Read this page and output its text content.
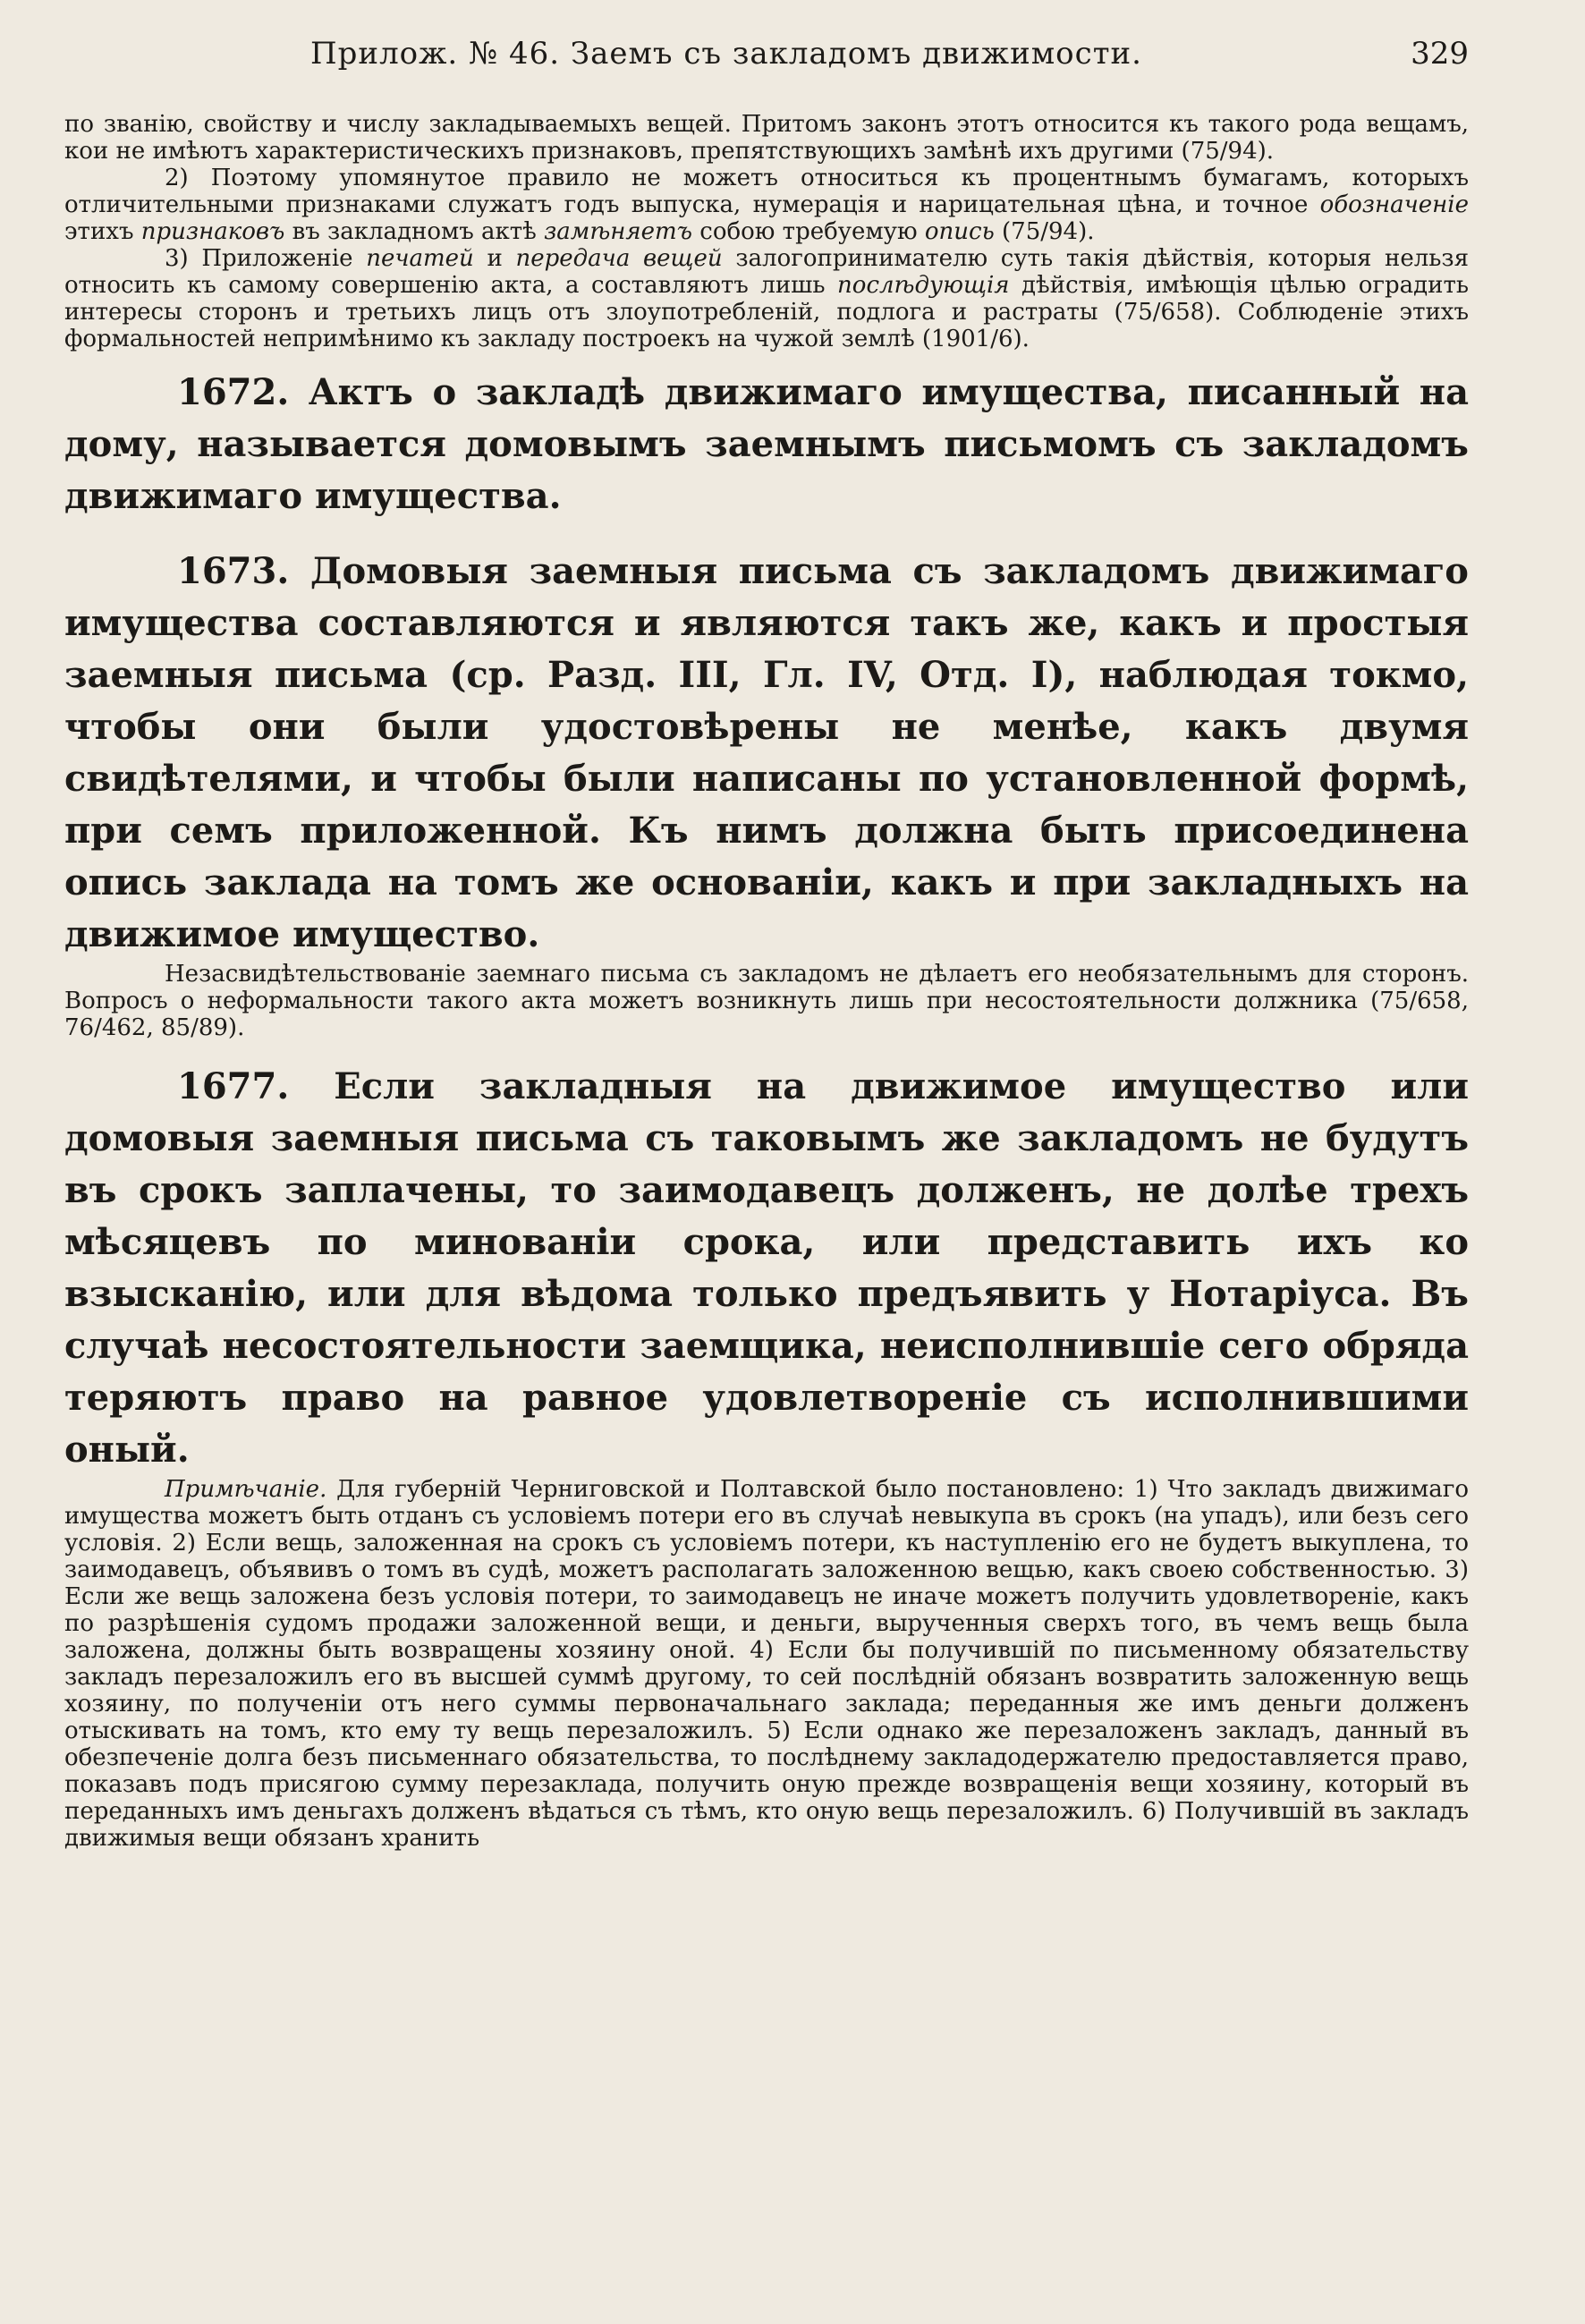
Прилож. № 46. Заемъ съ закладомъ движимости.	329

по званію, свойству и числу закладываемыхъ вещей. Притомъ законъ этотъ относится къ такого рода вещамъ, кои не имѣютъ характеристическихъ признаковъ, препятствующихъ замѣнѣ ихъ другими (75/94).

2) Поэтому упомянутое правило не можетъ относиться къ процентнымъ бумагамъ, которыхъ отличительными признаками служатъ годъ выпуска, нумерація и нарицательная цѣна, и точное обозначеніе этихъ признаковъ въ закладномъ актѣ замѣняетъ собою требуемую опись (75/94).

3) Приложеніе печатей и передача вещей залогопринимателю суть такія дѣйствія, которыя нельзя относить къ самому совершенію акта, а составляютъ лишь послѣдующія дѣйствія, имѣющія цѣлью оградить интересы сторонъ и третьихъ лицъ отъ злоупотребленій, подлога и растраты (75/658). Соблюденіе этихъ формальностей непримѣнимо къ закладу построекъ на чужой землѣ (1901/6).

1672. Актъ о закладѣ движимаго имущества, писанный на дому, называется домовымъ заемнымъ письмомъ съ закладомъ движимаго имущества.

1673. Домовыя заемныя письма съ закладомъ движимаго имущества составляются и являются такъ же, какъ и простыя заемныя письма (ср. Разд. III, Гл. IV, Отд. I), наблюдая токмо, чтобы они были удостовѣрены не менѣе, какъ двумя свидѣтелями, и чтобы были написаны по установленной формѣ, при семъ приложенной. Къ нимъ должна быть присоединена опись заклада на томъ же основаніи, какъ и при закладныхъ на движимое имущество.

Незасвидѣтельствованіе заемнаго письма съ закладомъ не дѣлаетъ его необязательнымъ для сторонъ. Вопросъ о неформальности такого акта можетъ возникнуть лишь при несостоятельности должника (75/658, 76/462, 85/89).

1677. Если закладныя на движимое имущество или домовыя заемныя письма съ таковымъ же закладомъ не будутъ въ срокъ заплачены, то заимодавецъ долженъ, не долѣе трехъ мѣсяцевъ по минованіи срока, или представить ихъ ко взысканію, или для вѣдома только предъявить у Нотаріуса. Въ случаѣ несостоятельности заемщика, неисполнившіе сего обряда теряютъ право на равное удовлетвореніе съ исполнившими оный.

Примѣчаніе. Для губерній Черниговской и Полтавской было постановлено: 1) Что закладъ движимаго имущества можетъ быть отданъ съ условіемъ потери его въ случаѣ невыкупа въ срокъ (на упадъ), или безъ сего условія. 2) Если вещь, заложенная на срокъ съ условіемъ потери, къ наступленію его не будетъ выкуплена, то заимодавецъ, объявивъ о томъ въ судѣ, можетъ располагать заложенною вещью, какъ своею собственностью. 3) Если же вещь заложена безъ условія потери, то заимодавецъ не иначе можетъ получить удовлетвореніе, какъ по разрѣшенія судомъ продажи заложенной вещи, и деньги, вырученныя сверхъ того, въ чемъ вещь была заложена, должны быть возвращены хозяину оной. 4) Если бы получившій по письменному обязательству закладъ перезаложилъ его въ высшей суммѣ другому, то сей послѣдній обязанъ возвратить заложенную вещь хозяину, по полученіи отъ него суммы первоначальнаго заклада; переданныя же имъ деньги долженъ отыскивать на томъ, кто ему ту вещь перезаложилъ. 5) Если однако же перезаложенъ закладъ, данный въ обезпеченіе долга безъ письменнаго обязательства, то послѣднему закладодержателю предоставляется право, показавъ подъ присягою сумму перезаклада, получить оную прежде возвращенія вещи хозяину, который въ переданныхъ имъ деньгахъ долженъ вѣдаться съ тѣмъ, кто оную вещь перезаложилъ. 6) Получившій въ закладъ движимыя вещи обязанъ хранить
